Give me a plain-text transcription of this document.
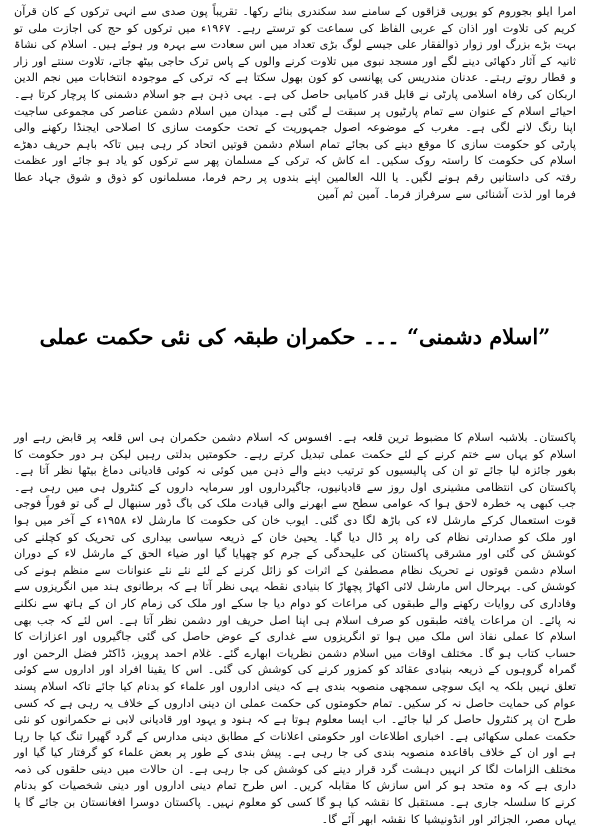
امرا ایلو بجوروم کو یورپی قزاقوں کے سامنے سد سکندری بنائے رکھا۔ تقریباً پون صدی سے انہی ترکوں کے کان قرآن کریم کی تلاوت اور اذان کے عربی الفاظ کی سماعت کو ترستے رہے۔ ۱۹۶۷ء میں ترکوں کو حج کی اجازت ملی تو بہت بڑے بزرگ اور زوار ذوالفقار علی جیسے لوگ بڑی تعداد میں اس سعادت سے بہرہ ور ہوئے ہیں۔ اسلام کی نشاۃ ثانیہ کے آثار دکھائی دینے لگے اور مسجد نبوی میں تلاوت کرنے والوں کے پاس ترک حاجی بیٹھ جاتے، تلاوت سنتے اور زار و قطار روتے رہتے۔ عدنان مندریس کی پھانسی کو کون بھول سکتا ہے کہ ترکی کے موجودہ انتخابات میں نجم الدین اربکان کی رفاہ اسلامی پارٹی نے قابل قدر کامیابی حاصل کی ہے۔ یہی ذہن ہے جو اسلام دشمنی کا پرچار کرتا ہے۔ احیائے اسلام کے عنوان سے تمام پارٹیوں پر سبقت لے گئی ہے۔ میدان میں اسلام دشمن عناصر کی مجموعی ساجیت اپنا رنگ لانے لگی ہے۔ مغرب کے موضوعہ اصول جمہوریت کے تحت حکومت سازی کا اصلاحی ایجنڈا رکھنے والی پارٹی کو حکومت سازی کا موقع دینے کی بجائے تمام اسلام دشمن قوتیں اتحاد کر رہی ہیں تاکہ باہم حریف دھڑے اسلام کی حکومت کا راستہ روک سکیں۔ اے کاش کہ ترکی کے مسلمان پھر سے ترکوں کو یاد ہو جائے اور عظمت رفتہ کی داستانیں رقم ہونے لگیں۔ یا اللہ العالمین اپنے بندوں پر رحم فرما، مسلمانوں کو ذوق و شوق جہاد عطا فرما اور لذت آشنائی سے سرفراز فرما۔ آمین ثم آمین
”اسلام دشمنی“ ۔۔۔ حکمران طبقہ کی نئی حکمت عملی
پاکستان۔ بلاشبہ اسلام کا مضبوط ترین قلعہ ہے۔ افسوس کہ اسلام دشمن حکمران ہی اس قلعہ پر قابض رہے اور اسلام کو یہاں سے ختم کرنے کے لئے حکمت عملی تبدیل کرتے رہے۔ حکومتیں بدلتی رہیں لیکن ہر دور حکومت کا بغور جائزہ لیا جائے تو ان کی پالیسیوں کو ترتیب دینے والے ذہن میں کوئی نہ کوئی قادیانی دماغ بیٹھا نظر آتا ہے۔ پاکستان کی انتظامی مشینری اول روز سے قادیانیوں، جاگیرداروں اور سرمایہ داروں کے کنٹرول ہی میں رہی ہے۔ جب کبھی یہ خطرہ لاحق ہوا کہ عوامی سطح سے ابھرنے والی قیادت ملک کی باگ ڈور سنبھال لے گی تو فوراً فوجی قوت استعمال کرکے مارشل لاء کی باڑھ لگا دی گئی۔ ایوب خان کی حکومت کا مارشل لاء ۱۹۵۸ء کے آخر میں ہوا اور ملک کو صدارتی نظام کی راہ پر ڈال دیا گیا۔ یحییٰ خان کے ذریعہ سیاسی بیداری کی تحریک کو کچلنے کی کوشش کی گئی اور مشرقی پاکستان کی علیحدگی کے جرم کو چھپایا گیا اور ضیاء الحق کے مارشل لاء کے دوران اسلام دشمن قوتوں نے تحریک نظام مصطفیٰ کے اثرات کو زائل کرنے کے لئے نئے نئے عنوانات سے منظم ہونے کی کوشش کی۔ بہرحال اس مارشل لائی اکھاڑ پچھاڑ کا بنیادی نقطہ یہی نظر آتا ہے کہ برطانوی ہند میں انگریزوں سے وفاداری کی روایات رکھنے والے طبقوں کی مراعات کو دوام دیا جا سکے اور ملک کی زمام کار ان کے ہاتھ سے نکلنے نہ پائے۔ ان مراعات یافتہ طبقوں کو صرف اسلام ہی اپنا اصل حریف اور دشمن نظر آتا ہے۔ اس لئے کہ جب بھی اسلام کا عملی نفاذ اس ملک میں ہوا تو انگریزوں سے غداری کے عوض حاصل کی گئی جاگیروں اور اعزازات کا حساب کتاب ہو گا۔ مختلف اوقات میں اسلام دشمن نظریات ابھارے گئے۔ غلام احمد پرویز، ڈاکٹر فضل الرحمن اور گمراہ گروہوں کے ذریعہ بنیادی عقائد کو کمزور کرنے کی کوشش کی گئی۔ اس کا یقینا افراد اور اداروں سے کوئی تعلق نہیں بلکہ یہ ایک سوچی سمجھی منصوبہ بندی ہے کہ دینی اداروں اور علماء کو بدنام کیا جائے تاکہ اسلام پسند عوام کی حمایت حاصل نہ کر سکیں۔ تمام حکومتوں کی حکمت عملی ان دینی اداروں کے خلاف یہ رہی ہے کہ کسی طرح ان پر کنٹرول حاصل کر لیا جائے۔ اب ایسا معلوم ہوتا ہے کہ ہنود و یہود اور قادیانی لابی نے حکمرانوں کو نئی حکمت عملی سکھائی ہے۔ اخباری اطلاعات اور حکومتی اعلانات کے مطابق دینی مدارس کے گرد گھیرا تنگ کیا جا رہا ہے اور ان کے خلاف باقاعدہ منصوبہ بندی کی جا رہی ہے۔ پیش بندی کے طور پر بعض علماء کو گرفتار کیا گیا اور مختلف الزامات لگا کر انہیں دہشت گرد قرار دینے کی کوشش کی جا رہی ہے۔ ان حالات میں دینی حلقوں کی ذمہ داری ہے کہ وہ متحد ہو کر اس سازش کا مقابلہ کریں۔ اس طرح تمام دینی اداروں اور دینی شخصیات کو بدنام کرنے کا سلسلہ جاری ہے۔ مستقبل کا نقشہ کیا ہو گا کسی کو معلوم نہیں۔ پاکستان دوسرا افغانستان بن جائے گا یا یہاں مصر، الجزائر اور انڈونیشیا کا نقشہ ابھر آئے گا۔
